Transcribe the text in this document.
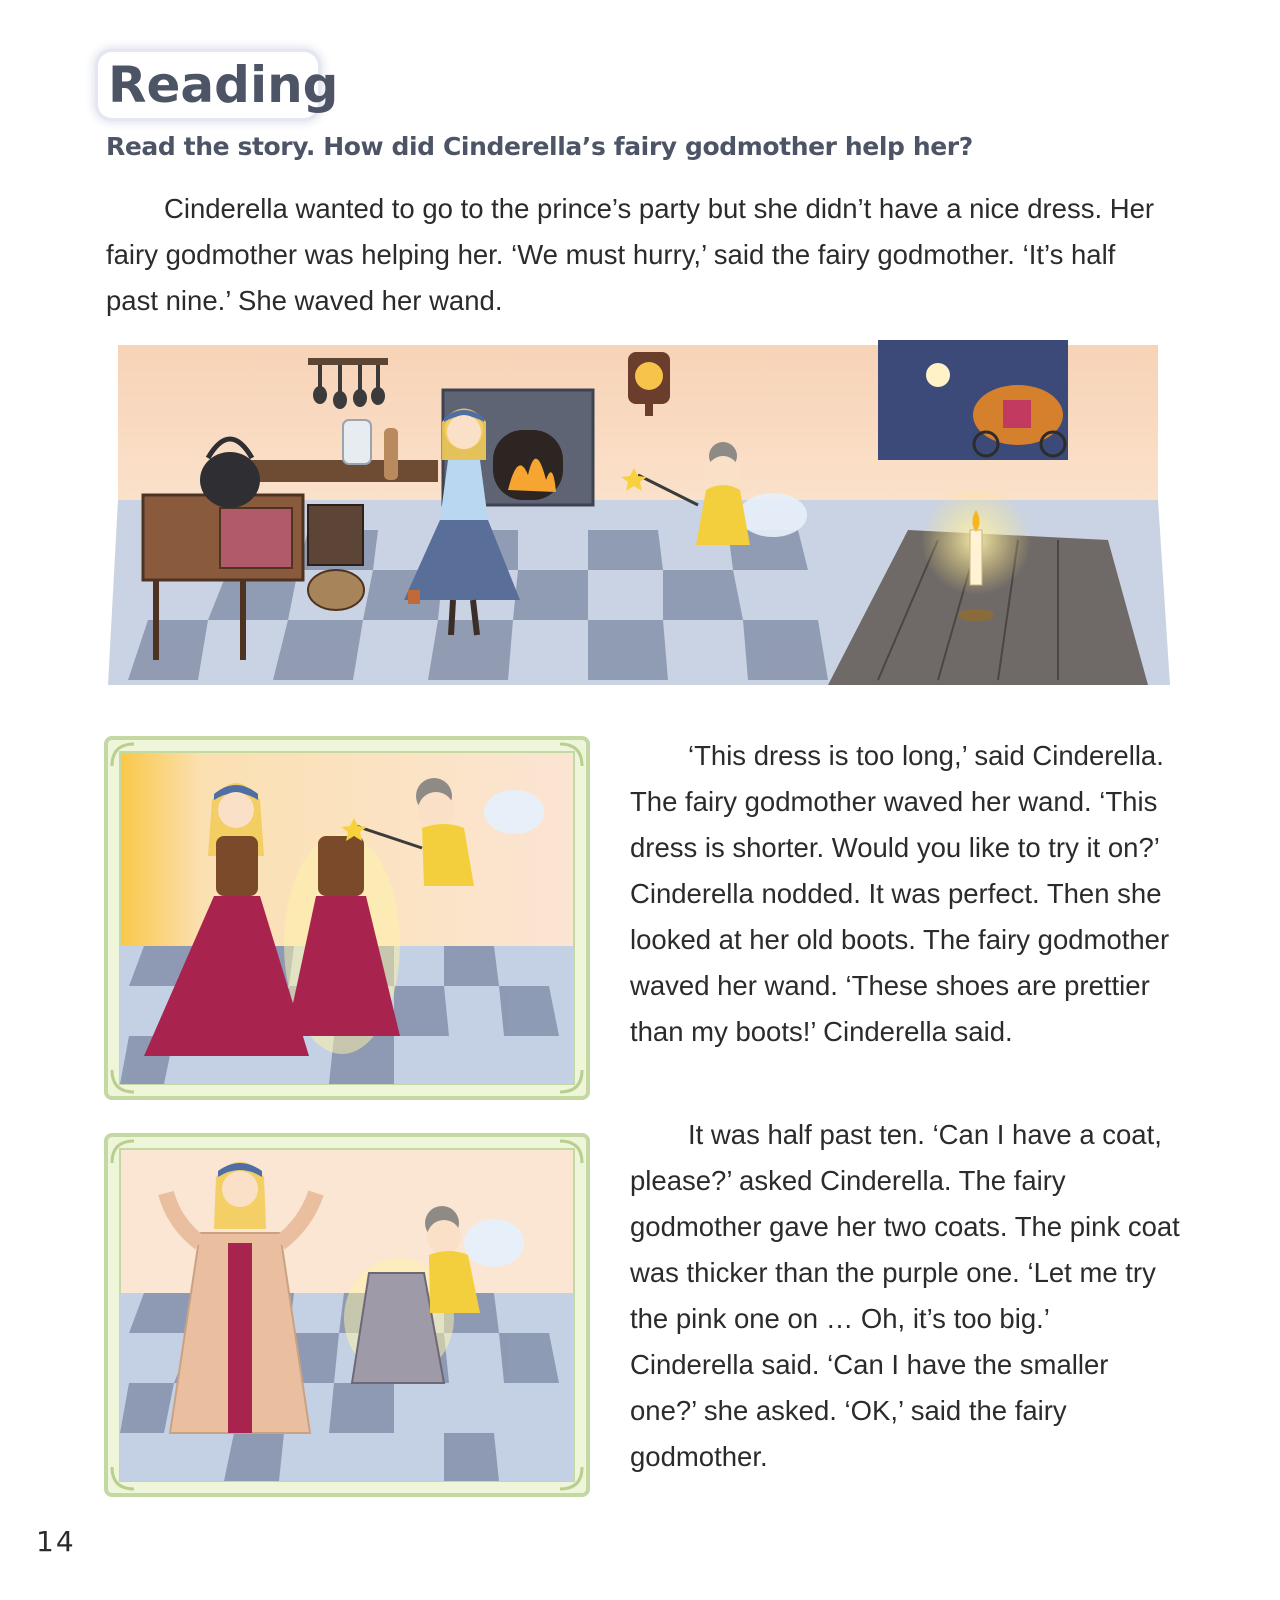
Reading
Read the story. How did Cinderella’s fairy godmother help her?

Cinderella wanted to go to the prince’s party but she didn’t have a nice dress. Her fairy godmother was helping her. ‘We must hurry,’ said the fairy godmother. ‘It’s half past nine.’ She waved her wand.

‘This dress is too long,’ said Cinderella. The fairy godmother waved her wand. ‘This dress is shorter. Would you like to try it on?’ Cinderella nodded. It was perfect. Then she looked at her old boots. The fairy godmother waved her wand. ‘These shoes are prettier than my boots!’ Cinderella said.

It was half past ten. ‘Can I have a coat, please?’ asked Cinderella. The fairy godmother gave her two coats. The pink coat was thicker than the purple one. ‘Let me try the pink one on … Oh, it’s too big.’ Cinderella said. ‘Can I have the smaller one?’ she asked. ‘OK,’ said the fairy godmother.

14
